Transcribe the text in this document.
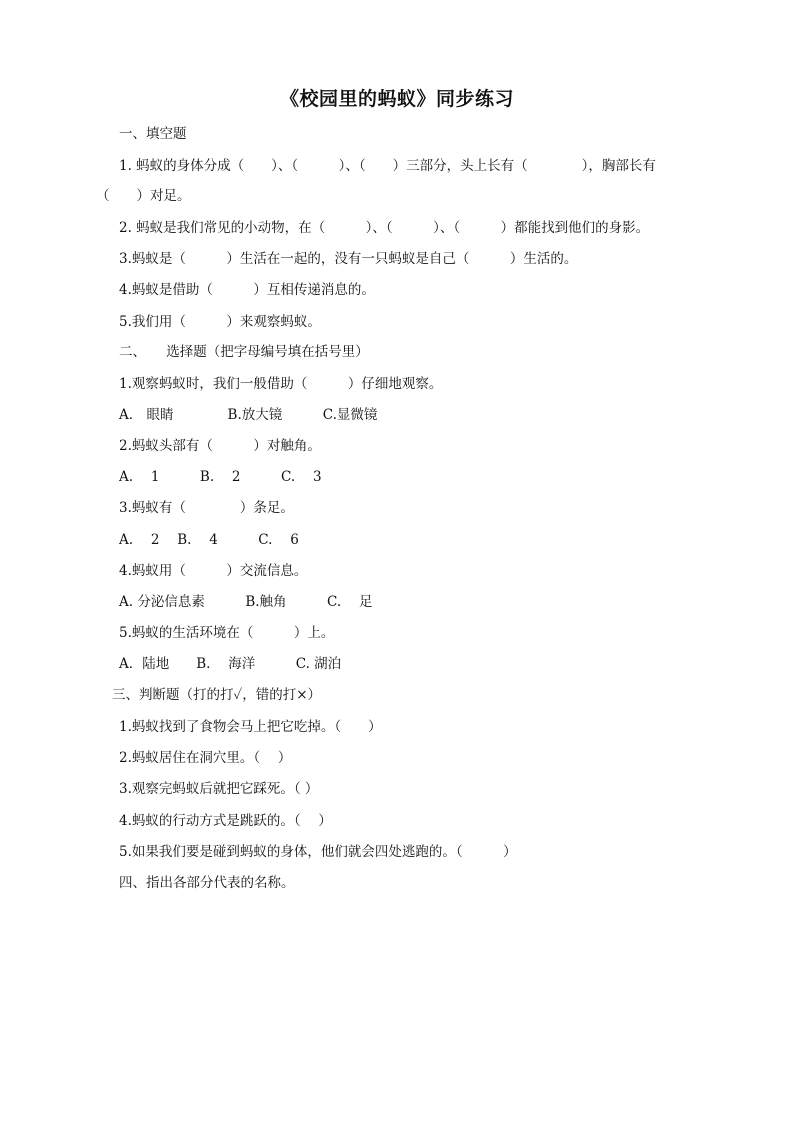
《校园里的蚂蚁》同步练习
一、填空题
1. 蚂蚁的身体分成（　　）、（　　　）、（　　）三部分，头上长有（　　　　），胸部长有
（　　）对足。
2. 蚂蚁是我们常见的小动物，在（　　　）、（　　　）、（　　　）都能找到他们的身影。
3.蚂蚁是（　　　）生活在一起的，没有一只蚂蚁是自己（　　　）生活的。
4.蚂蚁是借助（　　　）互相传递消息的。
5.我们用（　　　）来观察蚂蚁。
二、　　选择题（把字母编号填在括号里）
1.观察蚂蚁时，我们一般借助（　　　）仔细地观察。
A． 眼睛　　　　B.放大镜　　　C.显微镜
2.蚂蚁头部有（　　　）对触角。
A.　 1　　　B.　 2　　　C.　 3
3.蚂蚁有（　　　　）条足。
A.　 2　 B.　 4　　　C.　 6
4.蚂蚁用（　　　）交流信息。
A. 分泌信息素　　　B.触角　　　C.　 足
5.蚂蚁的生活环境在（　　　）上。
A．陆地　　B.　 海洋　　　C. 湖泊
三、判断题（打的打✓，错的打×）
1.蚂蚁找到了食物会马上把它吃掉。（　　）
2.蚂蚁居住在洞穴里。（　 ）
3.观察完蚂蚁后就把它踩死。（ ）
4.蚂蚁的行动方式是跳跃的。（　 ）
5.如果我们要是碰到蚂蚁的身体，他们就会四处逃跑的。（　　　）
四、指出各部分代表的名称。
